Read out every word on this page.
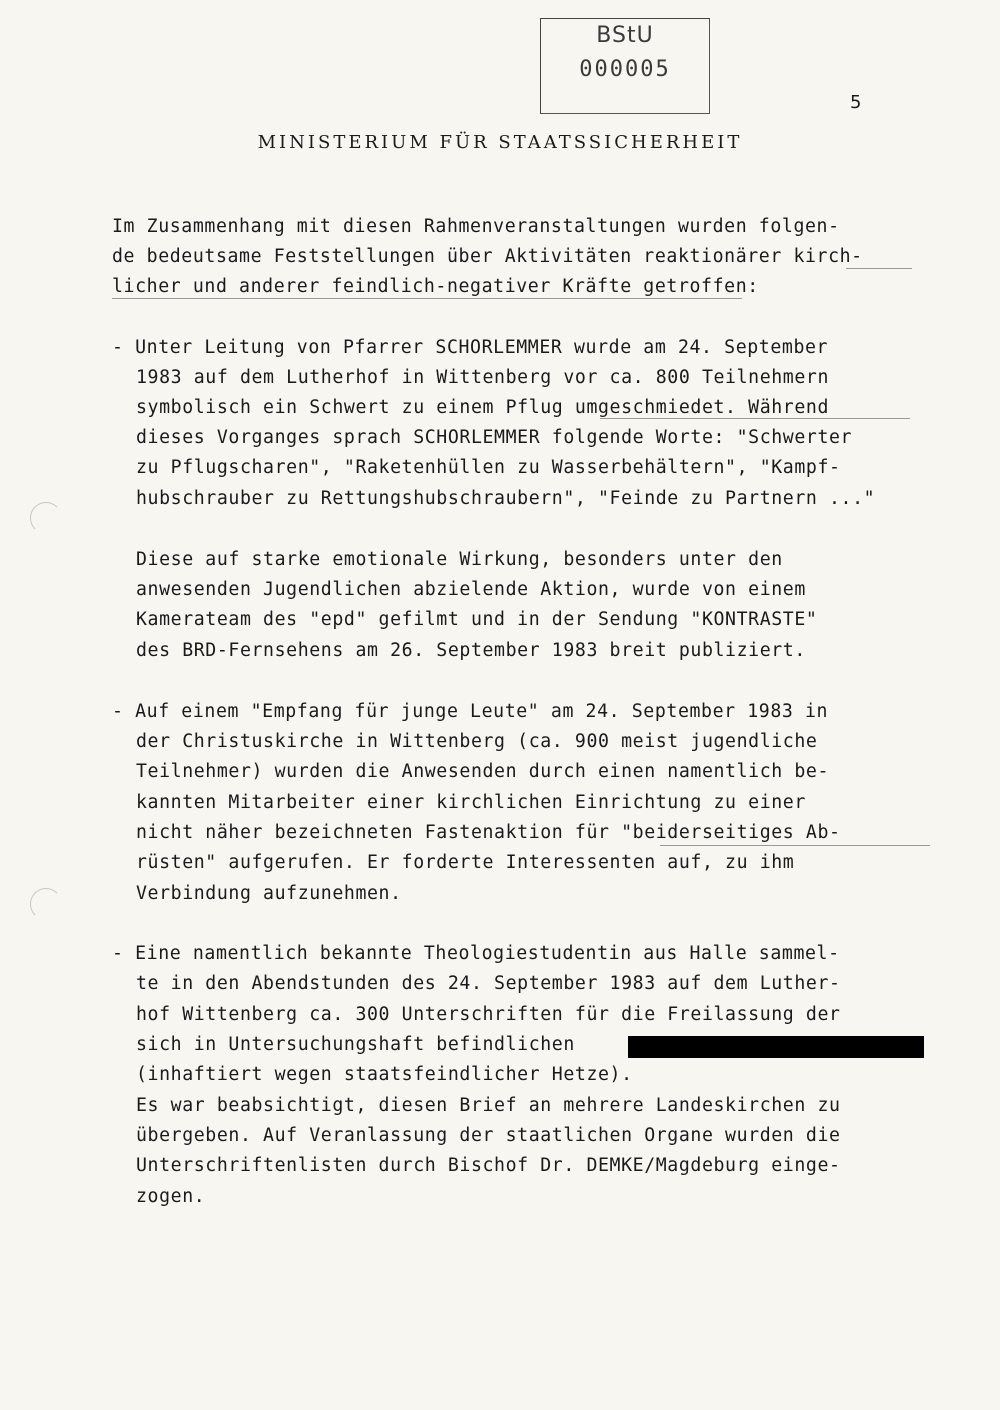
BStU
000005
5
MINISTERIUM FÜR STAATSSICHERHEIT
Im Zusammenhang mit diesen Rahmenveranstaltungen wurden folgen-
de bedeutsame Feststellungen über Aktivitäten reaktionärer kirch-
licher und anderer feindlich-negativer Kräfte getroffen:
- Unter Leitung von Pfarrer SCHORLEMMER wurde am 24. September
1983 auf dem Lutherhof in Wittenberg vor ca. 800 Teilnehmern
symbolisch ein Schwert zu einem Pflug umgeschmiedet. Während
dieses Vorganges sprach SCHORLEMMER folgende Worte: "Schwerter
zu Pflugscharen", "Raketenhüllen zu Wasserbehältern", "Kampf-
hubschrauber zu Rettungshubschraubern", "Feinde zu Partnern ..."
Diese auf starke emotionale Wirkung, besonders unter den
anwesenden Jugendlichen abzielende Aktion, wurde von einem
Kamerateam des "epd" gefilmt und in der Sendung "KONTRASTE"
des BRD-Fernsehens am 26. September 1983 breit publiziert.
- Auf einem "Empfang für junge Leute" am 24. September 1983 in
der Christuskirche in Wittenberg (ca. 900 meist jugendliche
Teilnehmer) wurden die Anwesenden durch einen namentlich be-
kannten Mitarbeiter einer kirchlichen Einrichtung zu einer
nicht näher bezeichneten Fastenaktion für "beiderseitiges Ab-
rüsten" aufgerufen. Er forderte Interessenten auf, zu ihm
Verbindung aufzunehmen.
- Eine namentlich bekannte Theologiestudentin aus Halle sammel-
te in den Abendstunden des 24. September 1983 auf dem Luther-
hof Wittenberg ca. 300 Unterschriften für die Freilassung der
sich in Untersuchungshaft befindlichen
(inhaftiert wegen staatsfeindlicher Hetze).
Es war beabsichtigt, diesen Brief an mehrere Landeskirchen zu
übergeben. Auf Veranlassung der staatlichen Organe wurden die
Unterschriftenlisten durch Bischof Dr. DEMKE/Magdeburg einge-
zogen.
